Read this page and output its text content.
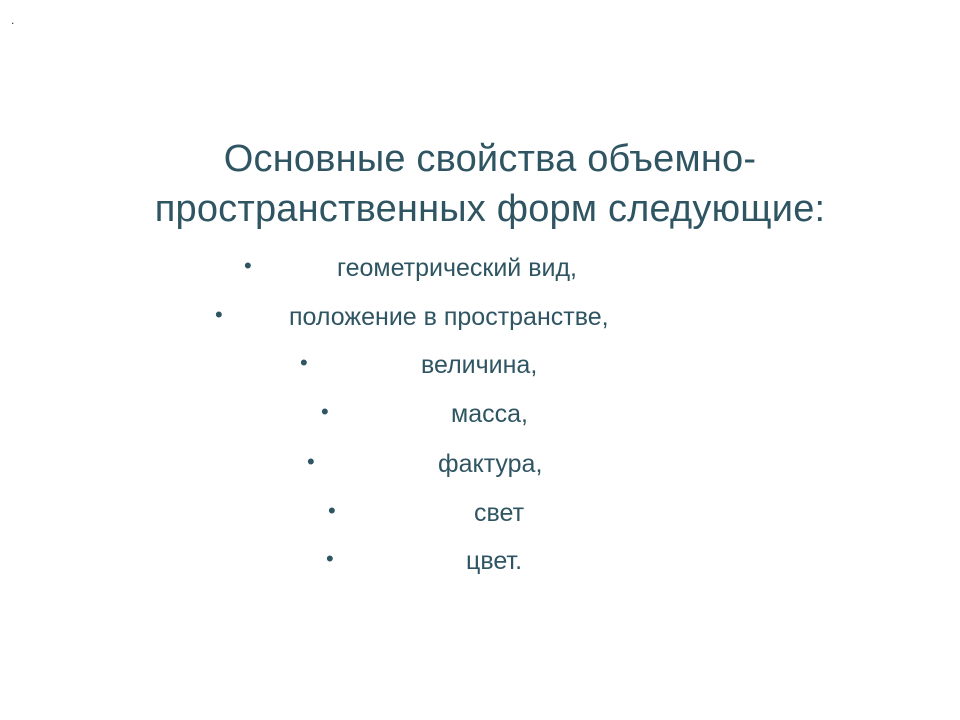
.
Основные свойства объемно-
пространственных форм следующие:
•	геометрический вид,
•	положение в пространстве,
•	величина,
•	масса,
•	фактура,
•	свет
•	цвет.
